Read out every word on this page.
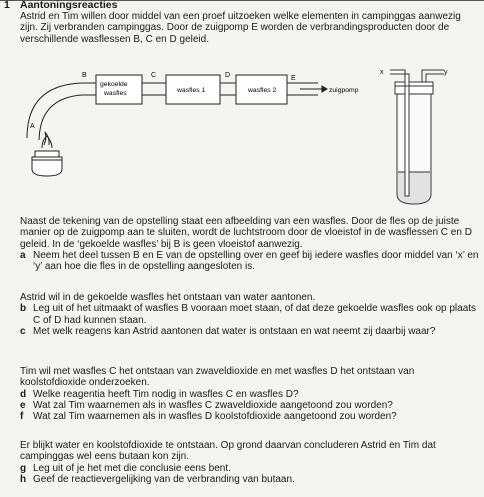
1 Aantoningsreacties
Astrid en Tim willen door middel van een proef uitzoeken welke elementen in campinggas aanwezig zijn. Zij verbranden campinggas. Door de zuigpomp E worden de verbrandingsproducten door de verschillende wasflessen B, C en D geleid.
A
gekoelde
wasfles
B	C
wasfles 1
D
wasfles 2
E
zuigpomp
x	y
Naast de tekening van de opstelling staat een afbeelding van een wasfles. Door de fles op de juiste manier op de zuigpomp aan te sluiten, wordt de luchtstroom door de vloeistof in de wasflessen C en D geleid. In de ‘gekoelde wasfles’ bij B is geen vloeistof aanwezig.
a Neem het deel tussen B en E van de opstelling over en geef bij iedere wasfles door middel van ‘x’ en ‘y’ aan hoe die fles in de opstelling aangesloten is.
Astrid wil in de gekoelde wasfles het ontstaan van water aantonen.
b Leg uit of het uitmaakt of wasfles B vooraan moet staan, of dat deze gekoelde wasfles ook op plaats C of D had kunnen staan.
c Met welk reagens kan Astrid aantonen dat water is ontstaan en wat neemt zij daarbij waar?
Tim wil met wasfles C het ontstaan van zwaveldioxide en met wasfles D het ontstaan van koolstofdioxide onderzoeken.
d Welke reagentia heeft Tim nodig in wasfles C en wasfles D?
e Wat zal Tim waarnemen als in wasfles C zwaveldioxide aangetoond zou worden?
f Wat zal Tim waarnemen als in wasfles D koolstofdioxide aangetoond zou worden?
Er blijkt water en koolstofdioxide te ontstaan. Op grond daarvan concluderen Astrid en Tim dat campinggas wel eens butaan kon zijn.
g Leg uit of je het met die conclusie eens bent.
h Geef de reactievergelijking van de verbranding van butaan.
